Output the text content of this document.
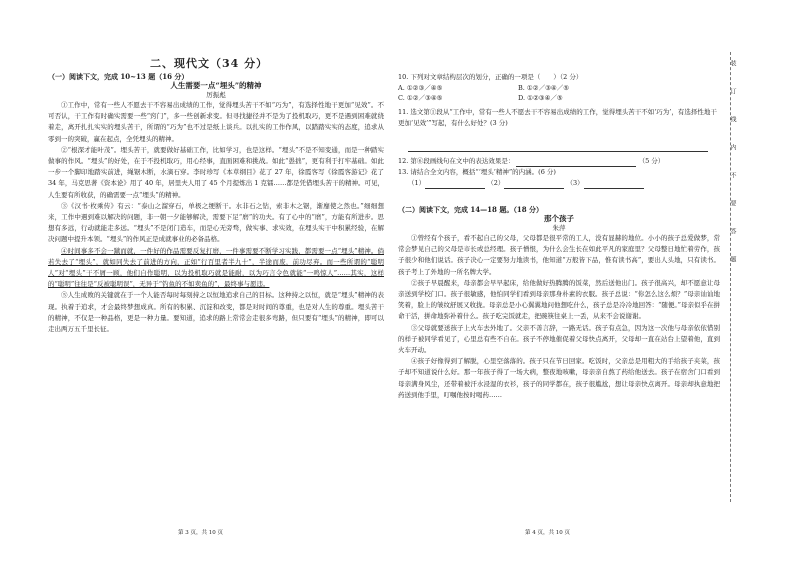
二、现代文（34 分）
（一）阅读下文，完成 10~13 题（16 分）
人生需要一点“埋头”的精神
厉振彪

①工作中，常有一些人不愿去干不容易出成绩的工作，觉得埋头苦干不如“巧为”，有选择性地干更加“见效”。不可否认，干工作有时确实需要一些“窍门”，多一些创新求变。但寻找捷径并不是为了投机取巧，更不是遇到困难就绕着走，离开扎扎实实的埋头苦干，所谓的“巧为”也不过是纸上谈兵。以扎实的工作作风，以踏踏实实的态度，追求从零到一的突破，赢在起点，全凭埋头的精神。

②“根深才能叶茂”。埋头苦干，就要做好基础工作，比如学习，也是这样。“埋头”不是不知变通，而是一种踏实做事的作风。“埋头”的好处，在于不投机取巧，用心经事，直面困难和挑战。如此“愚拙”，更有利于打牢基础。如此一步一个脚印地踏实前进，绳锯木断，水滴石穿。李时珍写《本草纲目》花了 27 年，徐霞客写《徐霞客游记》花了 34 年，马克思著《资本论》用了 40 年，居里夫人用了 45 个月提炼出 1 克镭……都是凭借埋头苦干的精神。可见，人生要有所收获，的确需要一点“埋头”的精神。

③《汉书·枚乘传》有云：“泰山之溜穿石，单极之绠断干。水非石之钻，索非木之锯，渐靡使之然也。”细细想来，工作中遇到难以解决的问题，非一朝一夕能够解决，需要下足“磨”的功夫。有了心中的“磨”，方能有所进步。思想有多远，行动就能走多远。“埋头”不是闭门造车，而是心无旁骛，做实事、求实效，在埋头实干中积累经验，在解决问题中提升本领。“埋头”的作风正是成就事业的必备品格。

④时间事多不会一蹴而就，一件好的作品需要反复打磨，一件事需要不断学习实践，都需要一点“埋头”精神。倘若失去了“埋头”，就如同失去了前进的方向，正如“行百里者半九十”，半途而废，前功尽弃。而一些所谓的“聪明人”对“埋头”干不屑一顾，他们自作聪明，以为投机取巧就是能耐，以为巧言令色就能“一鸣惊人”……其实，这样的“聪明”往往是“反被聪明误”，无异于“钓鱼的不如卖鱼的”，最终事与愿违。

⑤人生成败的关键就在于一个人能否每时每刻持之以恒地追求自己的目标。这种持之以恒，就是“埋头”精神的表现。执着于追求，才会最终梦想成真。所有的积累、沉淀和改变，都是对时间的尊重，也是对人生的尊重。埋头苦干的精神，不仅是一种品格，更是一种力量。要知道，追求的路上常常会走很多弯路，但只要有“埋头”的精神，即可以走出两万五千里长征。

第 3 页，共 10 页

10. 下列对文章结构层次的划分，正确的一项是（　　）（2 分）

A. ①②③／④⑤	B. ①②／③④／⑤
C. ①②／③④⑤	D. ①②③④／⑤

11. 选文第①段从“工作中，常有一些人不愿去干不容易出成绩的工作，觉得埋头苦干不如‘巧为’，有选择性地干更加‘见效’”写起，有什么好处？(3 分)

12. 第⑥段画线句在文中的表达效果是：	（5 分）

13. 请结合全文内容，概括“‘埋头’精神”的内涵。(6 分)

（1）	（2）	（3）

（二）阅读下文，完成 14—18 题。（18 分）
那个孩子
朱萍

①曾经有个孩子，看不起自己的父母，父母都是很平常的工人，没有显赫的地位。小小的孩子总爱做梦，常常会梦见自己的父母是市长或总经理。孩子憎恨，为什么会生长在如此平凡的家庭里？父母整日地忙着劳作，孩子很少和他们说话。孩子决心一定要努力地读书，他知道“万般皆下品，惟有读书高”，要出人头地，只有读书。孩子考上了外地的一所名牌大学。

②孩子早晨醒来，母亲都会早早起床，给他做好热腾腾的饭菜，然后送他出门。孩子很高兴，却不愿意让母亲送到学校门口。孩子很敏感，他怕同学们看到母亲那身朴素的衣服。孩子总说：“你怎么这么烦？”母亲讪讪地笑着，脸上的皱纹舒展又收拢。母亲总是小心翼翼地问他想吃什么，孩子总是冷冷地回答：“随便。”母亲似乎在拼命干活，拼命地弥补着什么。孩子吃完饭就走，把碗筷往桌上一丢，从来不会说谢谢。

③父母就要送孩子上火车去外地了。父亲不善言辞，一路无话。孩子有点急，因为这一次他与母亲依依惜别的样子被同学看见了，心里总有些不自在。孩子不停地催促着父母快点离开，父母却一直在站台上望着他，直到火车开动。

④孩子好像得到了解脱，心里空落落的。孩子只在节日回家。吃饭时，父亲总是用粗大的手给孩子夹菜，孩子却不知道说什么好。那一年孩子得了一场大病，整夜地咳嗽，母亲亲自熬了药给他送去。孩子在宿舍门口看到母亲满身风尘，还带着被汗水浸湿的衣衫，孩子的同学都在，孩子很尴尬，想让母亲快点离开。母亲却执意地把药送到他手里，叮嘱他按时喝药……

第 4 页，共 10 页
装订线内不要答题
